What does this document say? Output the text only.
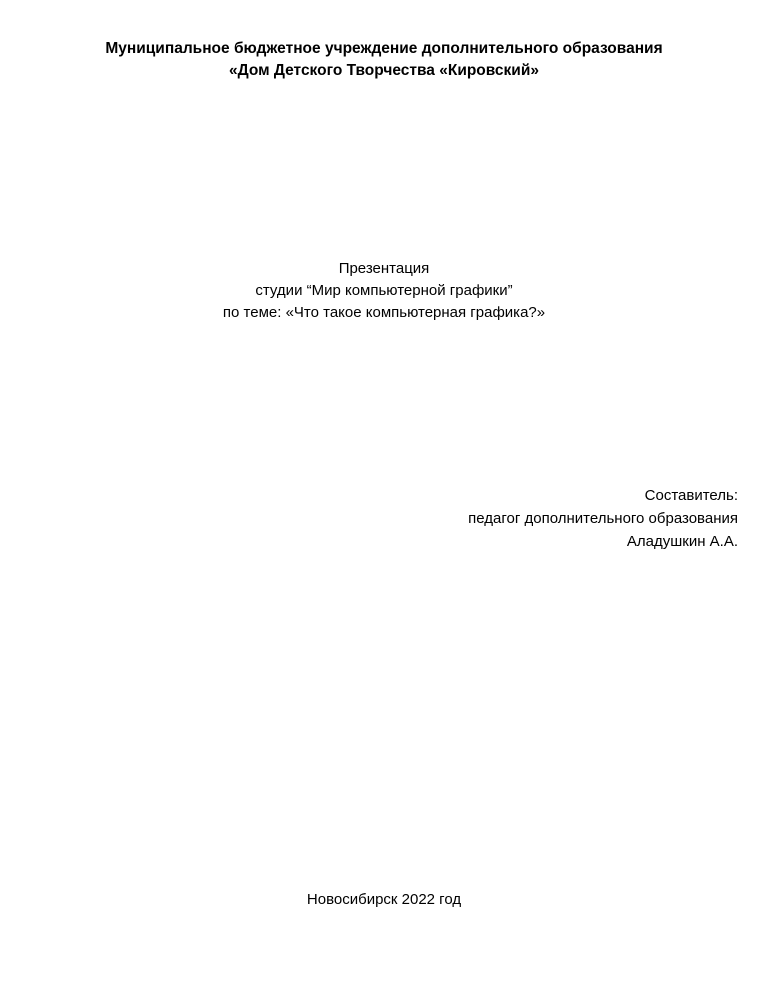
Муниципальное бюджетное учреждение дополнительного образования
«Дом Детского Творчества «Кировский»
Презентация
студии “Мир компьютерной графики”
по теме: «Что такое компьютерная графика?»
Составитель:
педагог дополнительного образования
Аладушкин А.А.
Новосибирск 2022 год
